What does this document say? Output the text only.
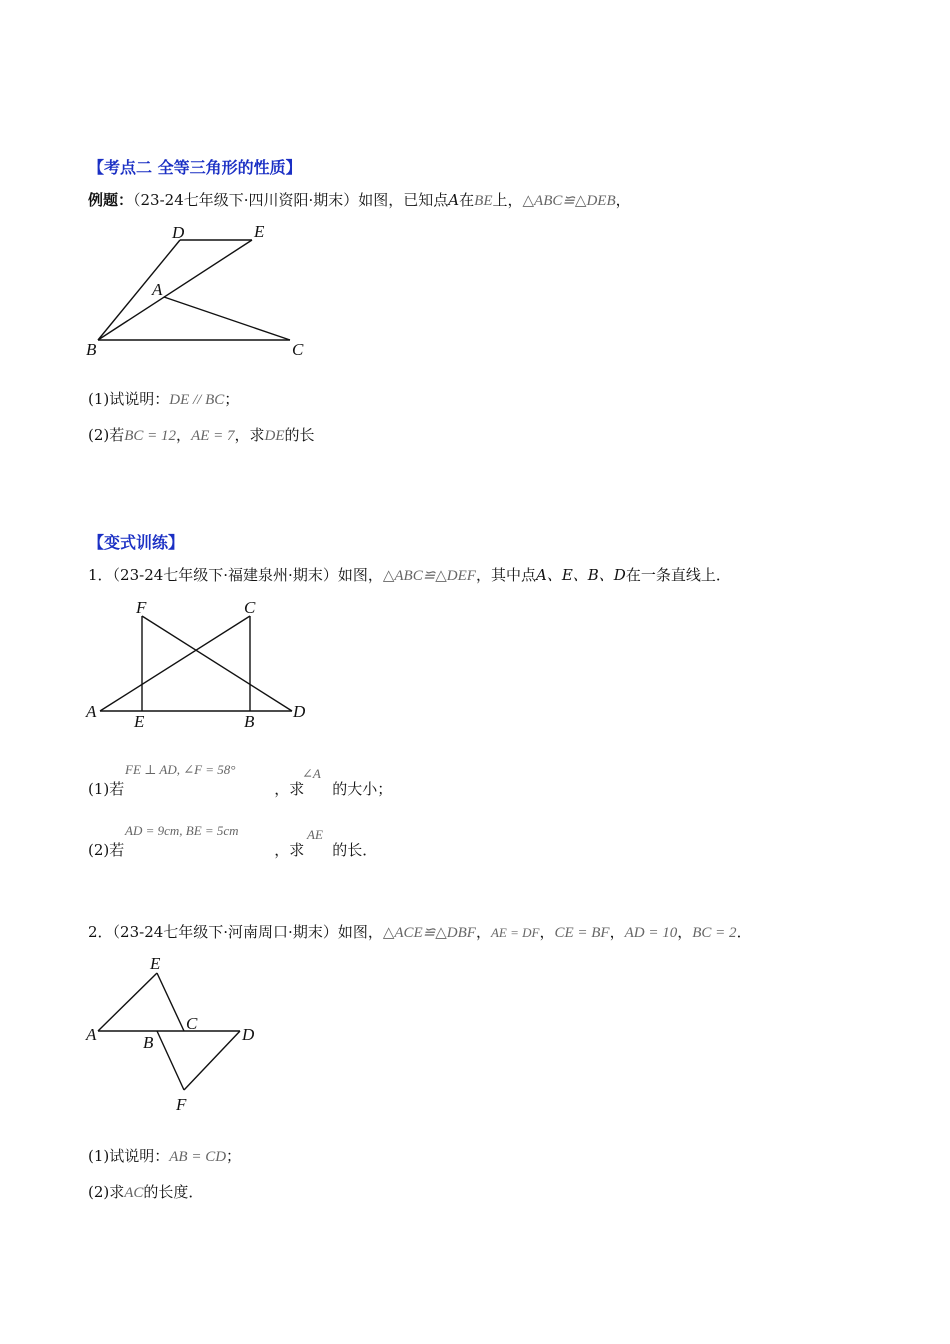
【考点二 全等三角形的性质】
例题：（23-24七年级下·四川资阳·期末）如图，已知点A在BE上，△ABC≌△DEB，
D	E
A
B	C
(1)试说明：DE // BC；
(2)若BC = 12，AE = 7，求DE的长
【变式训练】
1．（23-24七年级下·福建泉州·期末）如图，△ABC≌△DEF，其中点A、E、B、D在一条直线上．
F	C
A
E	B
D
FE ⊥ AD, ∠F = 58°
(1)若	，求 的大小；
∠A
AD = 9cm, BE = 5cm
(2)若	，求 的长．
AE
2．（23-24七年级下·河南周口·期末）如图，△ACE≌△DBF，AE = DF，CE = BF，AD = 10，BC = 2．
E
A
C
B	D
F
(1)试说明：AB = CD；
(2)求AC的长度．
